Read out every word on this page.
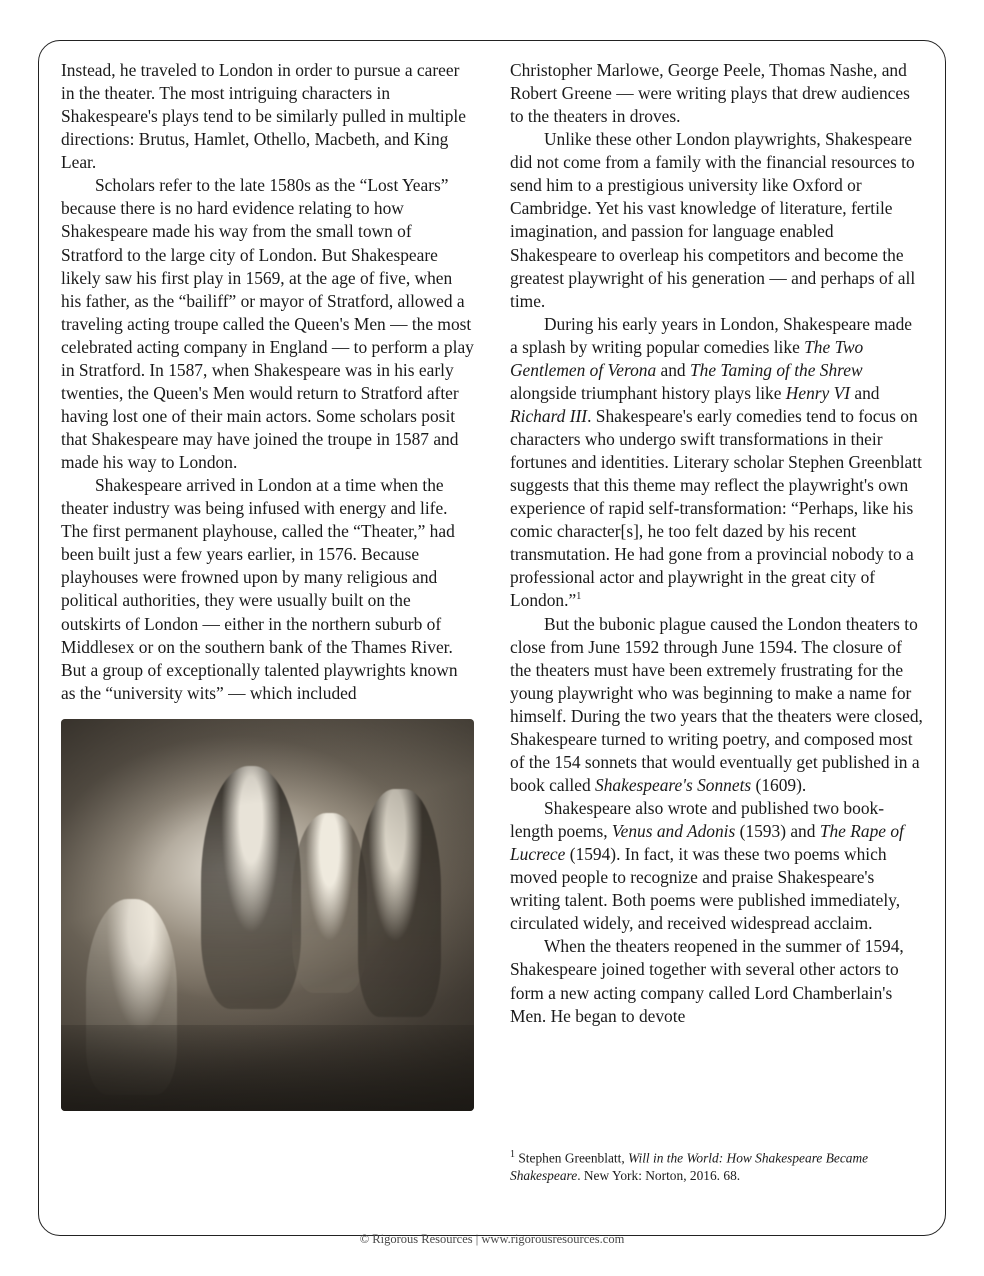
Instead, he traveled to London in order to pursue a career in the theater. The most intriguing characters in Shakespeare's plays tend to be similarly pulled in multiple directions: Brutus, Hamlet, Othello, Macbeth, and King Lear.

Scholars refer to the late 1580s as the “Lost Years” because there is no hard evidence relating to how Shakespeare made his way from the small town of Stratford to the large city of London. But Shakespeare likely saw his first play in 1569, at the age of five, when his father, as the “bailiff” or mayor of Stratford, allowed a traveling acting troupe called the Queen's Men — the most celebrated acting company in England — to perform a play in Stratford. In 1587, when Shakespeare was in his early twenties, the Queen's Men would return to Stratford after having lost one of their main actors. Some scholars posit that Shakespeare may have joined the troupe in 1587 and made his way to London.

Shakespeare arrived in London at a time when the theater industry was being infused with energy and life. The first permanent playhouse, called the “Theater,” had been built just a few years earlier, in 1576. Because playhouses were frowned upon by many religious and political authorities, they were usually built on the outskirts of London — either in the northern suburb of Middlesex or on the southern bank of the Thames River. But a group of exceptionally talented playwrights known as the “university wits” — which included

Christopher Marlowe, George Peele, Thomas Nashe, and Robert Greene — were writing plays that drew audiences to the theaters in droves.

Unlike these other London playwrights, Shakespeare did not come from a family with the financial resources to send him to a prestigious university like Oxford or Cambridge. Yet his vast knowledge of literature, fertile imagination, and passion for language enabled Shakespeare to overleap his competitors and become the greatest playwright of his generation — and perhaps of all time.

During his early years in London, Shakespeare made a splash by writing popular comedies like The Two Gentlemen of Verona and The Taming of the Shrew alongside triumphant history plays like Henry VI and Richard III. Shakespeare's early comedies tend to focus on characters who undergo swift transformations in their fortunes and identities. Literary scholar Stephen Greenblatt suggests that this theme may reflect the playwright's own experience of rapid self-transformation: “Perhaps, like his comic character[s], he too felt dazed by his recent transmutation. He had gone from a provincial nobody to a professional actor and playwright in the great city of London.”$^1$

But the bubonic plague caused the London theaters to close from June 1592 through June 1594. The closure of the theaters must have been extremely frustrating for the young playwright who was beginning to make a name for himself. During the two years that the theaters were closed, Shakespeare turned to writing poetry, and composed most of the 154 sonnets that would eventually get published in a book called Shakespeare's Sonnets (1609).

Shakespeare also wrote and published two book-length poems, Venus and Adonis (1593) and The Rape of Lucrece (1594). In fact, it was these two poems which moved people to recognize and praise Shakespeare's writing talent. Both poems were published immediately, circulated widely, and received widespread acclaim.

When the theaters reopened in the summer of 1594, Shakespeare joined together with several other actors to form a new acting company called Lord Chamberlain's Men. He began to devote

$^1$ Stephen Greenblatt, Will in the World: How Shakespeare Became Shakespeare. New York: Norton, 2016. 68.

© Rigorous Resources | www.rigorousresources.com
